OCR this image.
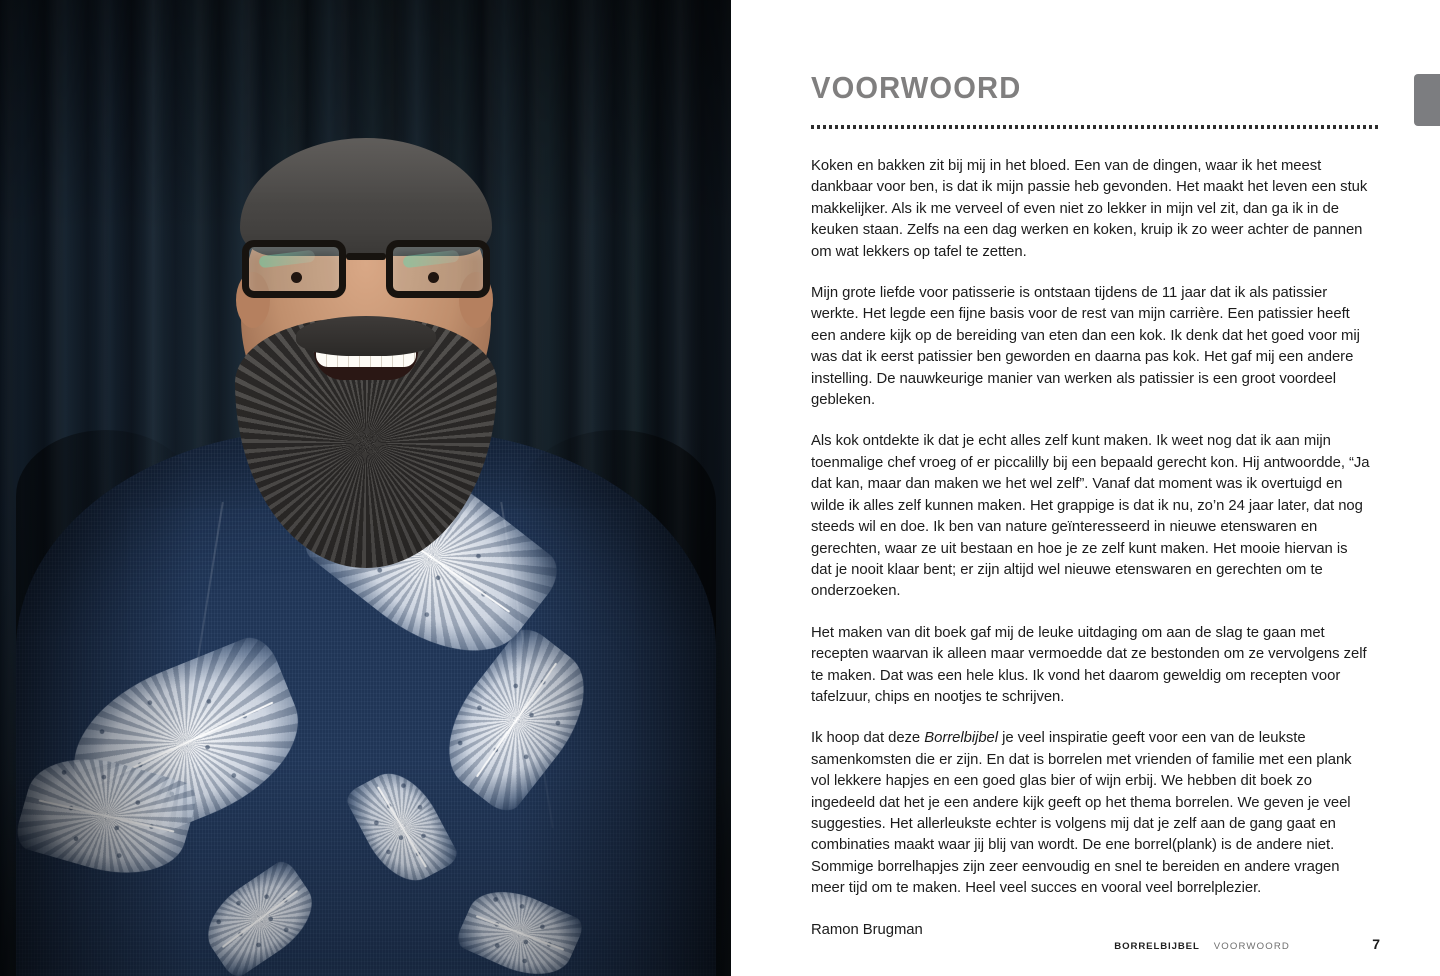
VOORWOORD

Koken en bakken zit bij mij in het bloed. Een van de dingen, waar ik het meest dankbaar voor ben, is dat ik mijn passie heb gevonden. Het maakt het leven een stuk makkelijker. Als ik me verveel of even niet zo lekker in mijn vel zit, dan ga ik in de keuken staan. Zelfs na een dag werken en koken, kruip ik zo weer achter de pannen om wat lekkers op tafel te zetten.

Mijn grote liefde voor patisserie is ontstaan tijdens de 11 jaar dat ik als patissier werkte. Het legde een fijne basis voor de rest van mijn carrière. Een patissier heeft een andere kijk op de bereiding van eten dan een kok. Ik denk dat het goed voor mij was dat ik eerst patissier ben geworden en daarna pas kok. Het gaf mij een andere instelling. De nauwkeurige manier van werken als patissier is een groot voordeel gebleken.

Als kok ontdekte ik dat je echt alles zelf kunt maken. Ik weet nog dat ik aan mijn toenmalige chef vroeg of er piccalilly bij een bepaald gerecht kon. Hij antwoordde, “Ja dat kan, maar dan maken we het wel zelf”. Vanaf dat moment was ik overtuigd en wilde ik alles zelf kunnen maken. Het grappige is dat ik nu, zo’n 24 jaar later, dat nog steeds wil en doe. Ik ben van nature geïnteresseerd in nieuwe etenswaren en gerechten, waar ze uit bestaan en hoe je ze zelf kunt maken. Het mooie hiervan is dat je nooit klaar bent; er zijn altijd wel nieuwe etenswaren en gerechten om te onderzoeken.

Het maken van dit boek gaf mij de leuke uitdaging om aan de slag te gaan met recepten waarvan ik alleen maar vermoedde dat ze bestonden om ze vervolgens zelf te maken. Dat was een hele klus. Ik vond het daarom geweldig om recepten voor tafelzuur, chips en nootjes te schrijven.

Ik hoop dat deze Borrelbijbel je veel inspiratie geeft voor een van de leukste samenkomsten die er zijn. En dat is borrelen met vrienden of familie met een plank vol lekkere hapjes en een goed glas bier of wijn erbij. We hebben dit boek zo ingedeeld dat het je een andere kijk geeft op het thema borrelen. We geven je veel suggesties. Het allerleukste echter is volgens mij dat je zelf aan de gang gaat en combinaties maakt waar jij blij van wordt. De ene borrel(plank) is de andere niet. Sommige borrelhapjes zijn zeer eenvoudig en snel te bereiden en andere vragen meer tijd om te maken. Heel veel succes en vooral veel borrelplezier.

Ramon Brugman

BORRELBIJBEL VOORWOORD	7
